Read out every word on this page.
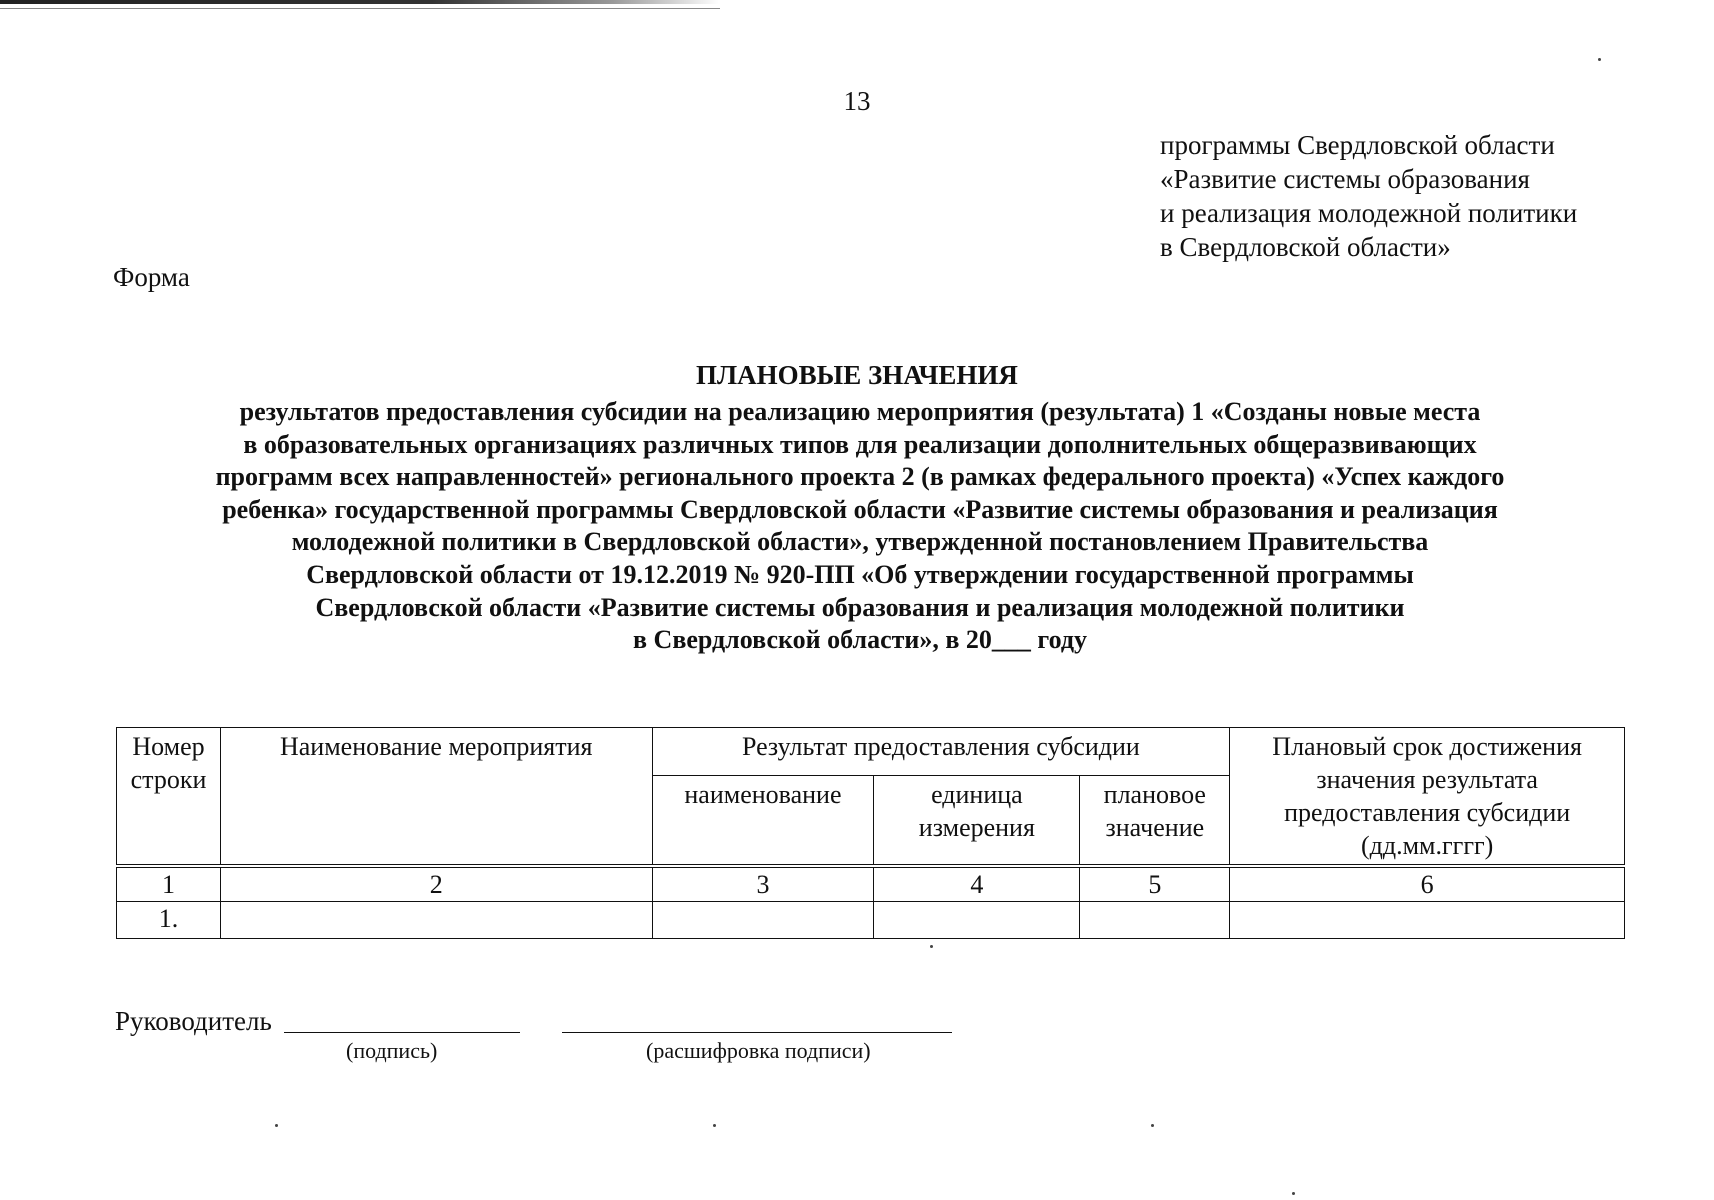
13
программы Свердловской области
«Развитие системы образования
и реализация молодежной политики
в Свердловской области»
Форма
ПЛАНОВЫЕ ЗНАЧЕНИЯ
результатов предоставления субсидии на реализацию мероприятия (результата) 1 «Созданы новые места
в образовательных организациях различных типов для реализации дополнительных общеразвивающих
программ всех направленностей» регионального проекта 2 (в рамках федерального проекта) «Успех каждого
ребенка» государственной программы Свердловской области «Развитие системы образования и реализация
молодежной политики в Свердловской области», утвержденной постановлением Правительства
Свердловской области от 19.12.2019 № 920-ПП «Об утверждении государственной программы
Свердловской области «Развитие системы образования и реализация молодежной политики
в Свердловской области», в 20___ году
Номер строки	Наименование мероприятия	Результат предоставления субсидии			Плановый срок достижения значения результата предоставления субсидии (дд.мм.гггг)
		наименование	единица измерения	плановое значение	
1	2	3	4	5	6
1.					
Руководитель
(подпись)	(расшифровка подписи)
